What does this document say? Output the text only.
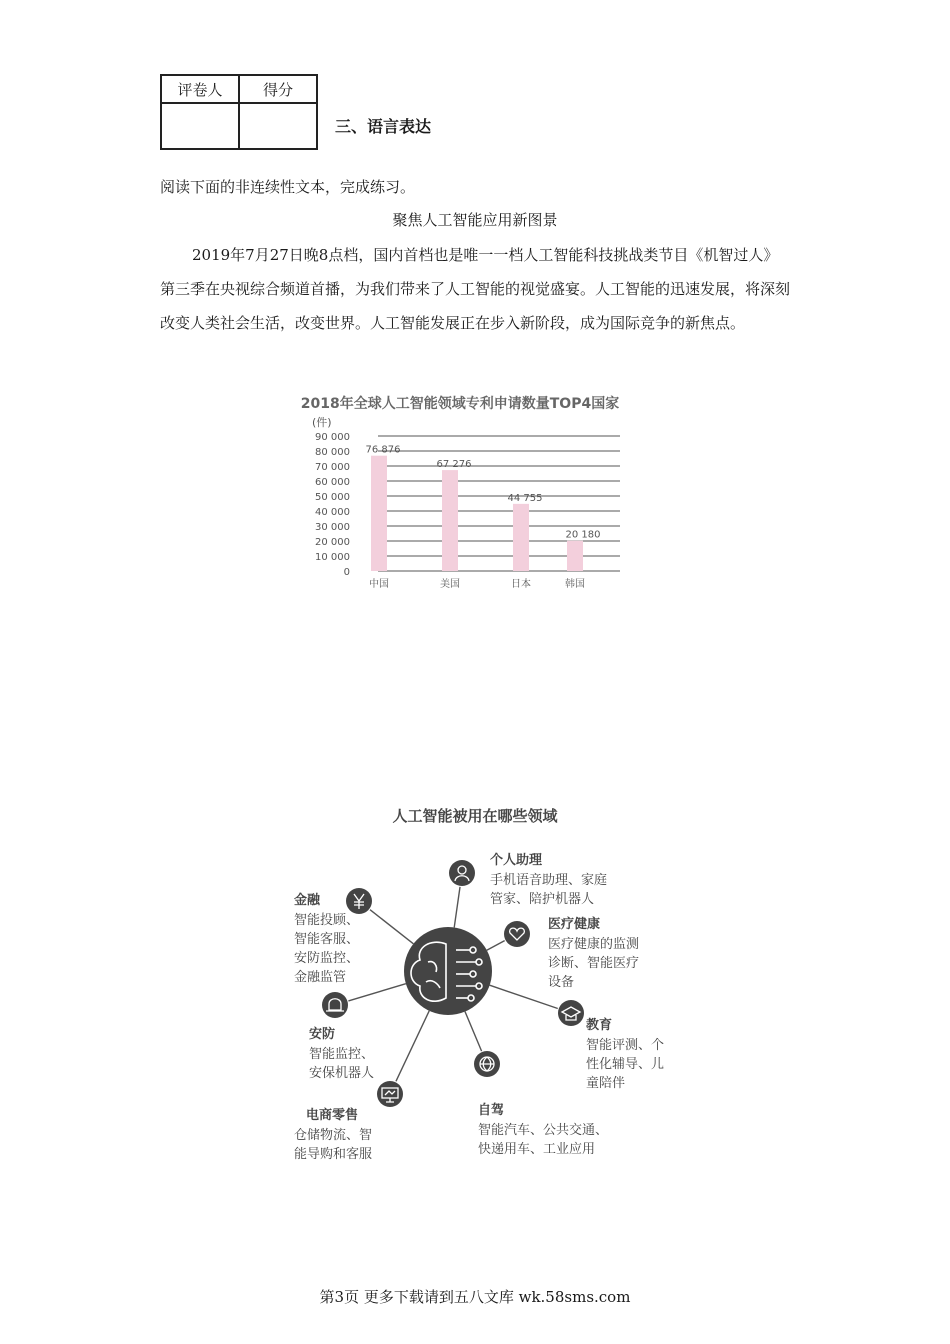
评卷人	得分

三、语言表达
阅读下面的非连续性文本，完成练习。
聚焦人工智能应用新图景
2019年7月27日晚8点档，国内首档也是唯一一档人工智能科技挑战类节目《机智过人》第三季在央视综合频道首播，为我们带来了人工智能的视觉盛宴。人工智能的迅速发展，将深刻改变人类社会生活，改变世界。人工智能发展正在步入新阶段，成为国际竞争的新焦点。
2018年全球人工智能领域专利申请数量TOP4国家
(件)
0
10 000
20 000
30 000
40 000
50 000
60 000
70 000
80 000
90 000
76 876
中国
67 276
美国
44 755
日本
20 180
韩国
人工智能被用在哪些领域
个人助理
手机语音助理、家庭
管家、陪护机器人
医疗健康
医疗健康的监测
诊断、智能医疗
设备
教育
智能评测、个
性化辅导、儿
童陪伴
自驾
智能汽车、公共交通、
快递用车、工业应用
电商零售
仓储物流、智
能导购和客服
安防
智能监控、
安保机器人
金融
智能投顾、
智能客服、
安防监控、
金融监管
第3页 更多下载请到五八文库 wk.58sms.com
